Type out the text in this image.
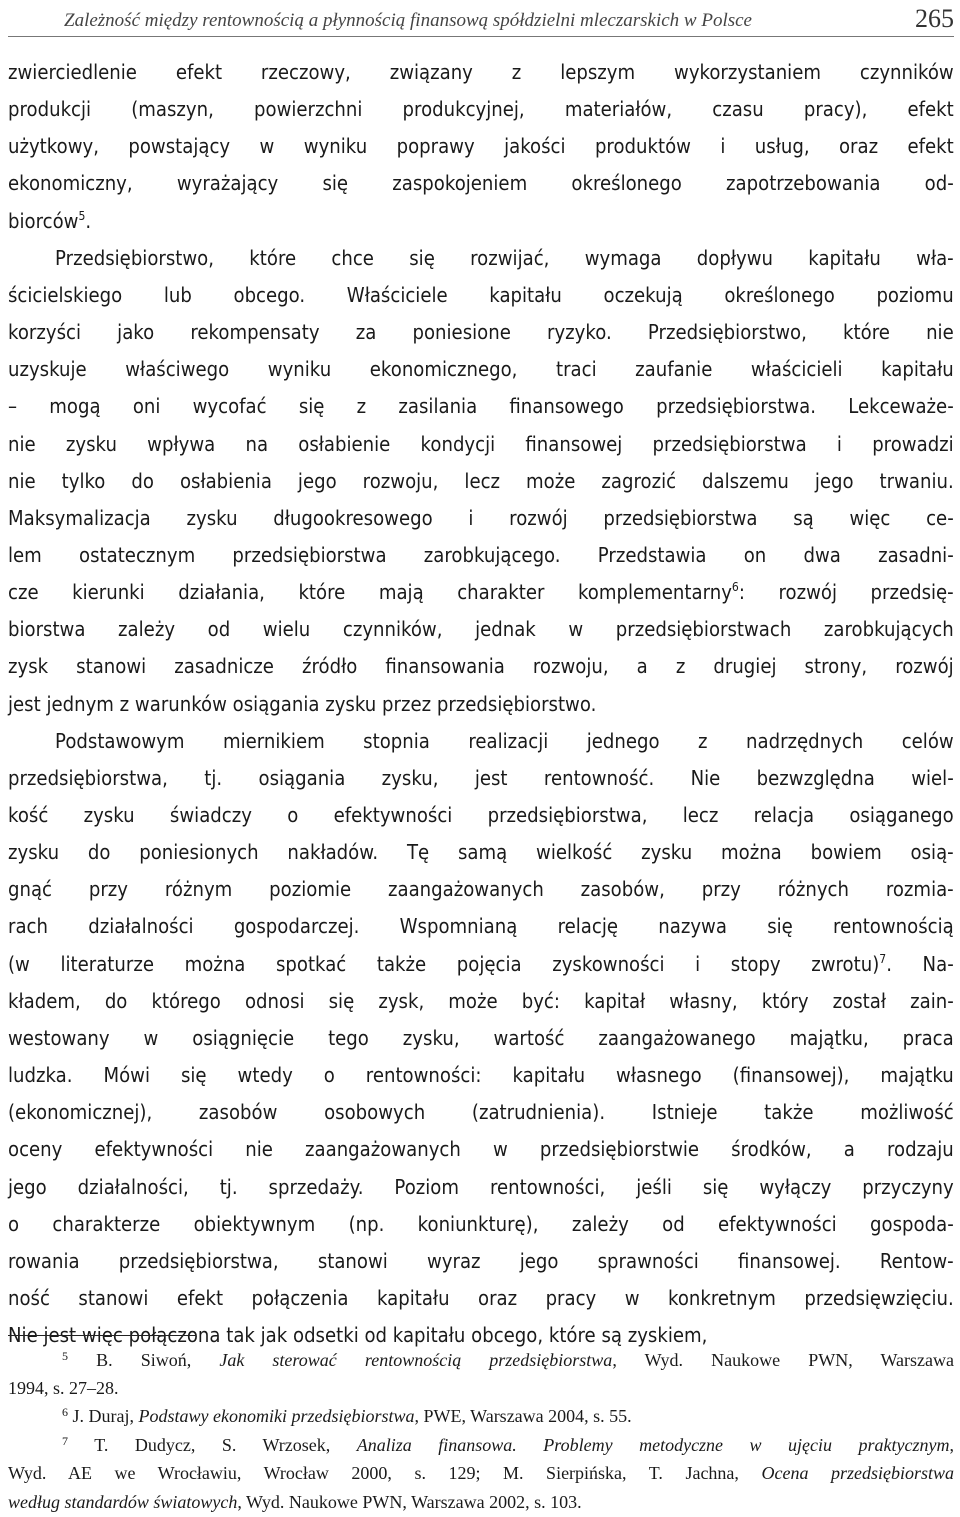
Zależność między rentownością a płynnością finansową spółdzielni mleczarskich w Polsce	265
zwierciedlenie efekt rzeczowy, związany z lepszym wykorzystaniem czynników
produkcji (maszyn, powierzchni produkcyjnej, materiałów, czasu pracy), efekt
użytkowy, powstający w wyniku poprawy jakości produktów i usług, oraz efekt
ekonomiczny, wyrażający się zaspokojeniem określonego zapotrzebowania od-
biorców$^5$.
Przedsiębiorstwo, które chce się rozwijać, wymaga dopływu kapitału wła-
ścicielskiego lub obcego. Właściciele kapitału oczekują określonego poziomu
korzyści jako rekompensaty za poniesione ryzyko. Przedsiębiorstwo, które nie
uzyskuje właściwego wyniku ekonomicznego, traci zaufanie właścicieli kapitału
– mogą oni wycofać się z zasilania finansowego przedsiębiorstwa. Lekceważe-
nie zysku wpływa na osłabienie kondycji finansowej przedsiębiorstwa i prowadzi
nie tylko do osłabienia jego rozwoju, lecz może zagrozić dalszemu jego trwaniu.
Maksymalizacja zysku długookresowego i rozwój przedsiębiorstwa są więc ce-
lem ostatecznym przedsiębiorstwa zarobkującego. Przedstawia on dwa zasadni-
cze kierunki działania, które mają charakter komplementarny$^6$: rozwój przedsię-
biorstwa zależy od wielu czynników, jednak w przedsiębiorstwach zarobkujących
zysk stanowi zasadnicze źródło finansowania rozwoju, a z drugiej strony, rozwój
jest jednym z warunków osiągania zysku przez przedsiębiorstwo.
Podstawowym miernikiem stopnia realizacji jednego z nadrzędnych celów
przedsiębiorstwa, tj. osiągania zysku, jest rentowność. Nie bezwzględna wiel-
kość zysku świadczy o efektywności przedsiębiorstwa, lecz relacja osiąganego
zysku do poniesionych nakładów. Tę samą wielkość zysku można bowiem osią-
gnąć przy różnym poziomie zaangażowanych zasobów, przy różnych rozmia-
rach działalności gospodarczej. Wspomnianą relację nazywa się rentownością
(w literaturze można spotkać także pojęcia zyskowności i stopy zwrotu)$^7$. Na-
kładem, do którego odnosi się zysk, może być: kapitał własny, który został zain-
westowany w osiągnięcie tego zysku, wartość zaangażowanego majątku, praca
ludzka. Mówi się wtedy o rentowności: kapitału własnego (finansowej), majątku
(ekonomicznej), zasobów osobowych (zatrudnienia). Istnieje także możliwość
oceny efektywności nie zaangażowanych w przedsiębiorstwie środków, a rodzaju
jego działalności, tj. sprzedaży. Poziom rentowności, jeśli się wyłączy przyczyny
o charakterze obiektywnym (np. koniunkturę), zależy od efektywności gospoda-
rowania przedsiębiorstwa, stanowi wyraz jego sprawności finansowej. Rentow-
ność stanowi efekt połączenia kapitału oraz pracy w konkretnym przedsięwzięciu.
Nie jest więc połączona tak jak odsetki od kapitału obcego, które są zyskiem,
$^5$ B. Siwoń, Jak sterować rentownością przedsiębiorstwa, Wyd. Naukowe PWN, Warszawa
1994, s. 27–28.
$^6$ J. Duraj, Podstawy ekonomiki przedsiębiorstwa, PWE, Warszawa 2004, s. 55.
$^7$ T. Dudycz, S. Wrzosek, Analiza finansowa. Problemy metodyczne w ujęciu praktycznym,
Wyd. AE we Wrocławiu, Wrocław 2000, s. 129; M. Sierpińska, T. Jachna, Ocena przedsiębiorstwa
według standardów światowych, Wyd. Naukowe PWN, Warszawa 2002, s. 103.
